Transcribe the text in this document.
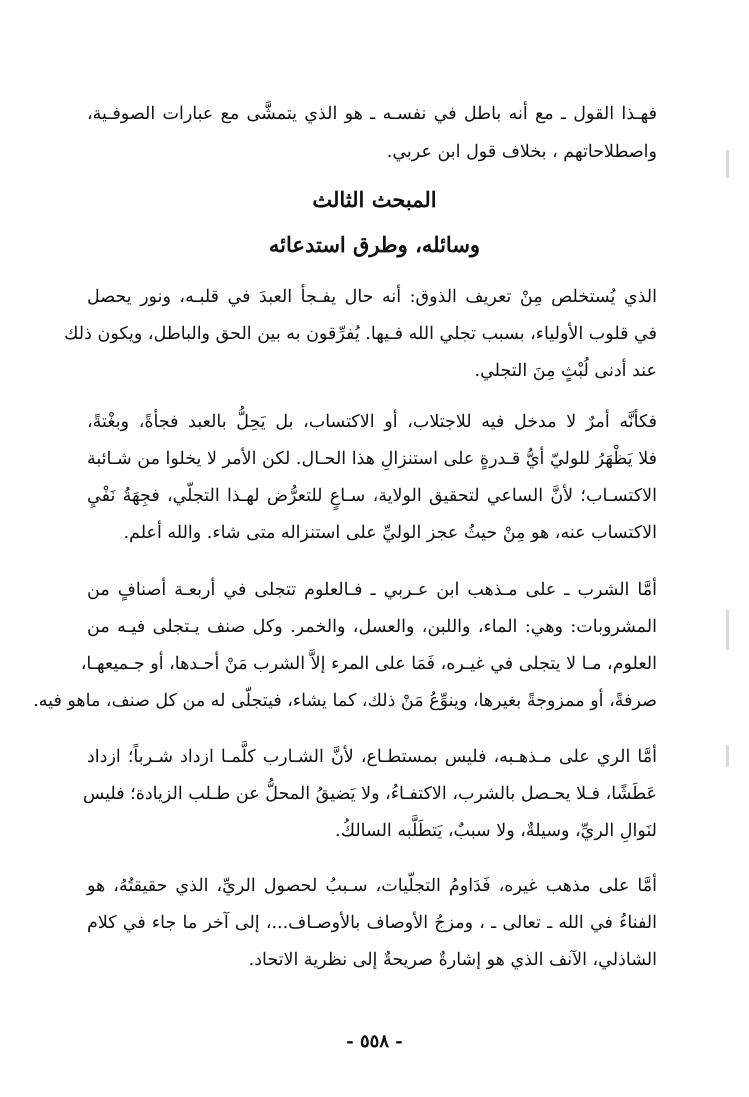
فهـذا القول ـ مع أنه باطل في نفسـه ـ هو الذي يتمشَّى مع عبارات الصوفـية،
واصطلاحاتهم ، بخلاف قول ابن عربي.
المبحث الثالث
وسائله، وطرق استدعائه
الذي يُستخلص مِنْ تعريف الذوق: أنه حال يفـجأ العبدَ في قلبـه، ونور يحصل
في قلوب الأولياء، بسبب تجلي الله فـيها. يُفرِّقون به بين الحق والباطل، ويكون ذلك
عند أدنى لُبْثٍ مِنَ التجلي.
فكأنَّه أمرٌ لا مدخل فيه للاجتلاب، أو الاكتساب، بل يَحِلُّ بالعبد فجأةً، وبغْتةً،
فلا يَظْهَرُ للوليّ أيُّ قـدرةٍ على استنزالِ هذا الحـال. لكن الأمر لا يخلوا من شـائبة
الاكتسـاب؛ لأنَّ الساعي لتحقيق الولاية، سـاعٍ للتعرُّض لهـذا التجلّي، فجِهَةُ نَفْيِ
الاكتساب عنه، هو مِنْ حيثُ عجز الوليِّ على استنزاله متى شاء. والله أعلم.
أمَّا الشرب ـ على مـذهب ابن عـربي ـ فـالعلوم تتجلى في أربعـة أصنافٍ من
المشروبات: وهي: الماء، واللبن، والعسل، والخمر. وكل صنف يـتجلى فيـه من
العلوم، مـا لا يتجلى في غيـره، فَمَا على المرء إلاَّ الشرب مَنْ أحـدها، أو جـميعهـا،
صرفةً، أو ممزوجةً بغيرها، وينوِّعُ مَنْ ذلك، كما يشاء، فيتجلّى له من كل صنف، ماهو فيه.
أمَّا الري على مـذهـبه، فليس بمستطـاع، لأنَّ الشـارب كلَّمـا ازداد شـرباً؛ ازداد
عَطَشًا، فـلا يحـصل بالشرب، الاكتفـاءُ، ولا يَضيقُ المحلُّ عن طـلب الزيادة؛ فليس
لنَوالِ الريِّ، وسيلةٌ، ولا سببٌ، يَتطَلَّبه السالكُ.
أمَّا على مذهب غيره، فَدَاومُ التجلّيات، سـببُ لحصول الريِّ، الذي حقيقتُهُ، هو
الفناءُ في الله ـ تعالى ـ ، ومزجُ الأوصاف بالأوصـاف...، إلى آخر ما جاء في كلام
الشاذلي، الآنف الذي هو إشارةٌ صريحةٌ إلى نظرية الاتحاد.
- ٥٥٨ -
